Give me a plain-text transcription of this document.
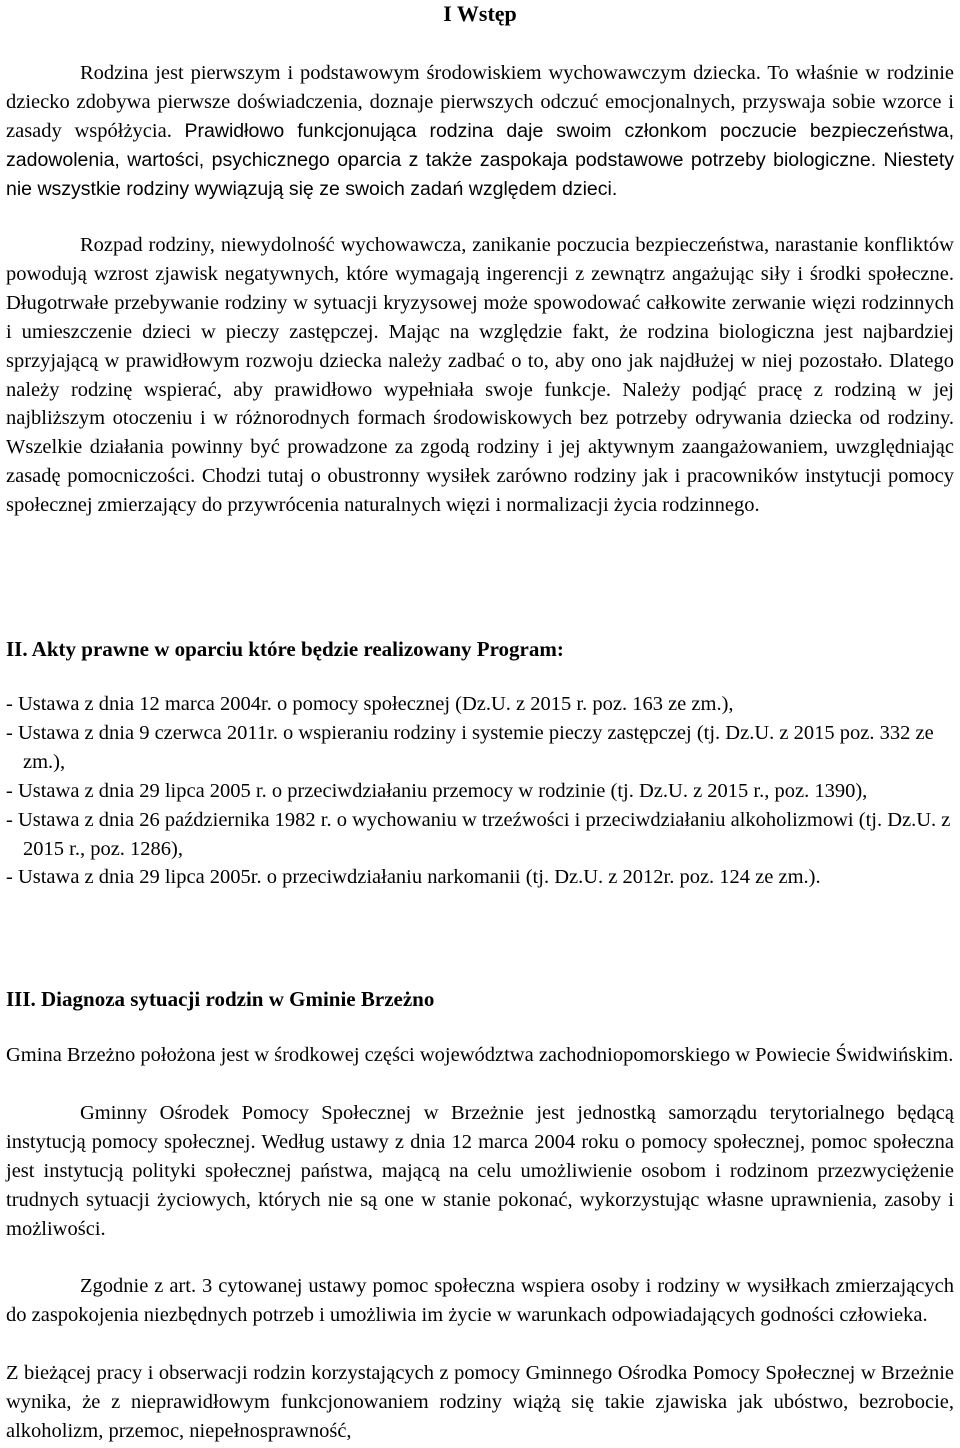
I Wstęp

Rodzina jest pierwszym i podstawowym środowiskiem wychowawczym dziecka. To właśnie w rodzinie dziecko zdobywa pierwsze doświadczenia, doznaje pierwszych odczuć emocjonalnych, przyswaja sobie wzorce i zasady współżycia. Prawidłowo funkcjonująca rodzina daje swoim członkom poczucie bezpieczeństwa, zadowolenia, wartości, psychicznego oparcia z także zaspokaja podstawowe potrzeby biologiczne. Niestety nie wszystkie rodziny wywiązują się ze swoich zadań względem dzieci.

Rozpad rodziny, niewydolność wychowawcza, zanikanie poczucia bezpieczeństwa, narastanie konfliktów powodują wzrost zjawisk negatywnych, które wymagają ingerencji z zewnątrz angażując siły i środki społeczne. Długotrwałe przebywanie rodziny w sytuacji kryzysowej może spowodować całkowite zerwanie więzi rodzinnych i umieszczenie dzieci w pieczy zastępczej. Mając na względzie fakt, że rodzina biologiczna jest najbardziej sprzyjającą w prawidłowym rozwoju dziecka należy zadbać o to, aby ono jak najdłużej w niej pozostało. Dlatego należy rodzinę wspierać, aby prawidłowo wypełniała swoje funkcje. Należy podjąć pracę z rodziną w jej najbliższym otoczeniu i w różnorodnych formach środowiskowych bez potrzeby odrywania dziecka od rodziny. Wszelkie działania powinny być prowadzone za zgodą rodziny i jej aktywnym zaangażowaniem, uwzględniając zasadę pomocniczości. Chodzi tutaj o obustronny wysiłek zarówno rodziny jak i pracowników instytucji pomocy społecznej zmierzający do przywrócenia naturalnych więzi i normalizacji życia rodzinnego.

II. Akty prawne w oparciu które będzie realizowany Program:
- Ustawa z dnia 12 marca 2004r. o pomocy społecznej (Dz.U. z 2015 r. poz. 163 ze zm.),
- Ustawa z dnia 9 czerwca 2011r. o wspieraniu rodziny i systemie pieczy zastępczej (tj. Dz.U. z 2015 poz. 332 ze zm.),
- Ustawa z dnia 29 lipca 2005 r. o przeciwdziałaniu przemocy w rodzinie (tj. Dz.U. z 2015 r., poz. 1390),
- Ustawa z dnia 26 października 1982 r. o wychowaniu w trzeźwości i przeciwdziałaniu alkoholizmowi (tj. Dz.U. z 2015 r., poz. 1286),
- Ustawa z dnia 29 lipca 2005r. o przeciwdziałaniu narkomanii (tj. Dz.U. z 2012r. poz. 124 ze zm.).
III. Diagnoza sytuacji rodzin w Gminie Brzeżno

Gmina Brzeżno położona jest w środkowej części województwa zachodniopomorskiego w Powiecie Świdwińskim.

Gminny Ośrodek Pomocy Społecznej w Brzeżnie jest jednostką samorządu terytorialnego będącą instytucją pomocy społecznej. Według ustawy z dnia 12 marca 2004 roku o pomocy społecznej, pomoc społeczna jest instytucją polityki społecznej państwa, mającą na celu umożliwienie osobom i rodzinom przezwyciężenie trudnych sytuacji życiowych, których nie są one w stanie pokonać, wykorzystując własne uprawnienia, zasoby i możliwości.

Zgodnie z art. 3 cytowanej ustawy pomoc społeczna wspiera osoby i rodziny w wysiłkach zmierzających do zaspokojenia niezbędnych potrzeb i umożliwia im życie w warunkach odpowiadających godności człowieka.

Z bieżącej pracy i obserwacji rodzin korzystających z pomocy Gminnego Ośrodka Pomocy Społecznej w Brzeżnie wynika, że z nieprawidłowym funkcjonowaniem rodziny wiążą się takie zjawiska jak ubóstwo, bezrobocie, alkoholizm, przemoc, niepełnosprawność,
